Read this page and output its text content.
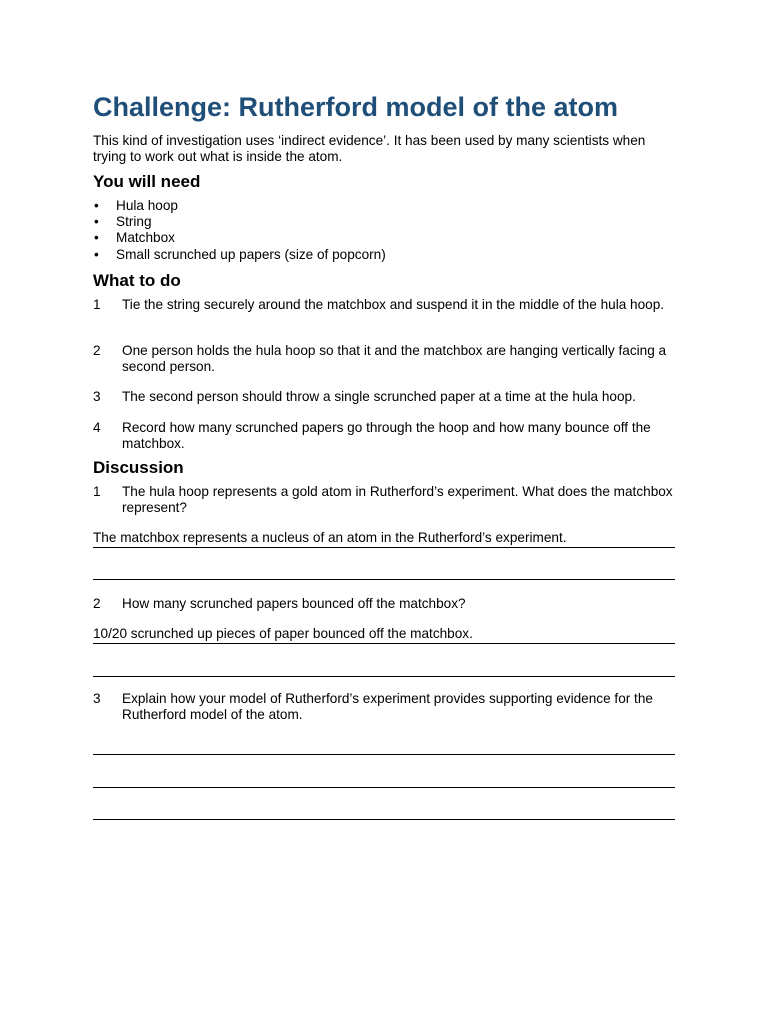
Challenge: Rutherford model of the atom
This kind of investigation uses ‘indirect evidence’. It has been used by many scientists when trying to work out what is inside the atom.
You will need
• Hula hoop
• String
• Matchbox
• Small scrunched up papers (size of popcorn)
What to do
1 Tie the string securely around the matchbox and suspend it in the middle of the hula hoop.
2 One person holds the hula hoop so that it and the matchbox are hanging vertically facing a second person.
3 The second person should throw a single scrunched paper at a time at the hula hoop.
4 Record how many scrunched papers go through the hoop and how many bounce off the matchbox.
Discussion
1 The hula hoop represents a gold atom in Rutherford’s experiment. What does the matchbox represent?
The matchbox represents a nucleus of an atom in the Rutherford’s experiment.
2 How many scrunched papers bounced off the matchbox?
10/20 scrunched up pieces of paper bounced off the matchbox.
3 Explain how your model of Rutherford’s experiment provides supporting evidence for the Rutherford model of the atom.
